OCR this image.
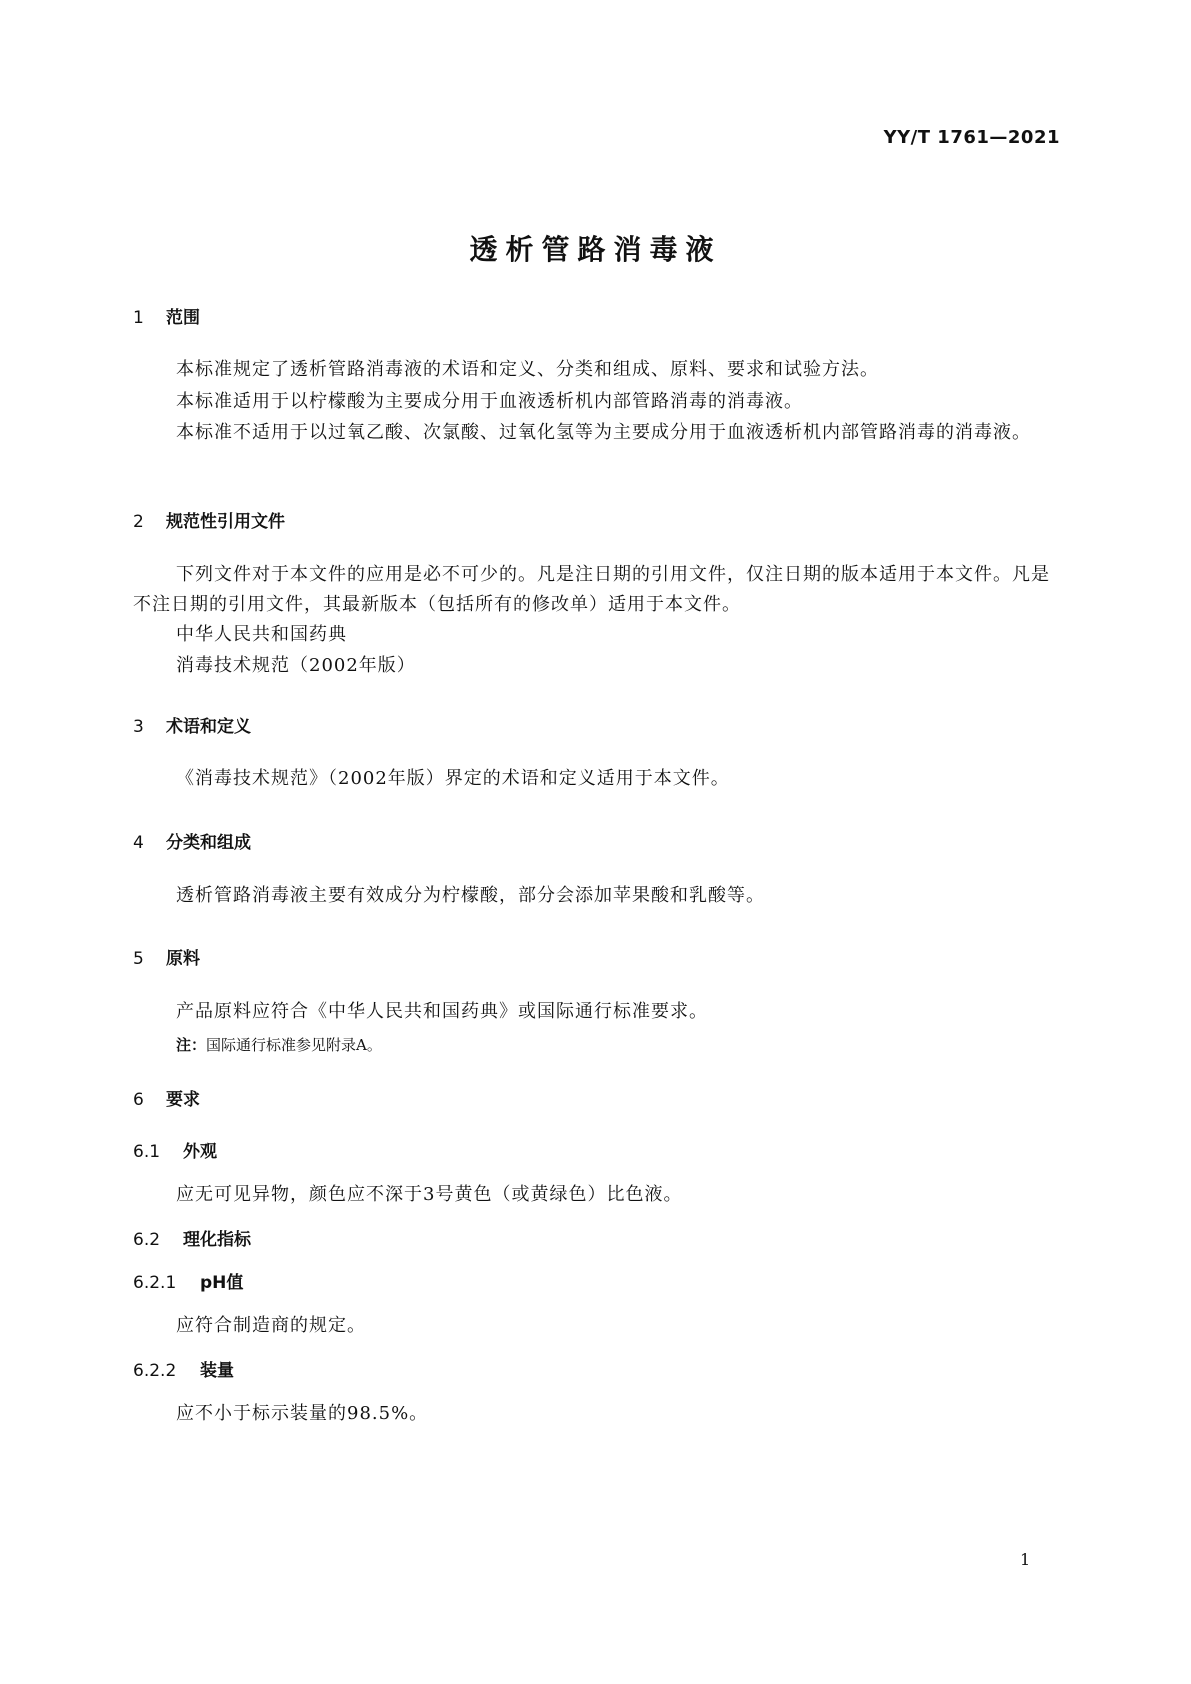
YY/T 1761—2021
透析管路消毒液
1 范围
本标准规定了透析管路消毒液的术语和定义、分类和组成、原料、要求和试验方法。
本标准适用于以柠檬酸为主要成分用于血液透析机内部管路消毒的消毒液。
本标准不适用于以过氧乙酸、次氯酸、过氧化氢等为主要成分用于血液透析机内部管路消毒的消毒液。
2 规范性引用文件
下列文件对于本文件的应用是必不可少的。凡是注日期的引用文件，仅注日期的版本适用于本文件。凡是不注日期的引用文件，其最新版本（包括所有的修改单）适用于本文件。
中华人民共和国药典
消毒技术规范（2002年版）
3 术语和定义
《消毒技术规范》（2002年版）界定的术语和定义适用于本文件。
4 分类和组成
透析管路消毒液主要有效成分为柠檬酸，部分会添加苹果酸和乳酸等。
5 原料
产品原料应符合《中华人民共和国药典》或国际通行标准要求。
注：国际通行标准参见附录A。
6 要求
6.1 外观
应无可见异物，颜色应不深于3号黄色（或黄绿色）比色液。
6.2 理化指标
6.2.1 pH值
应符合制造商的规定。
6.2.2 装量
应不小于标示装量的98.5%。
1
